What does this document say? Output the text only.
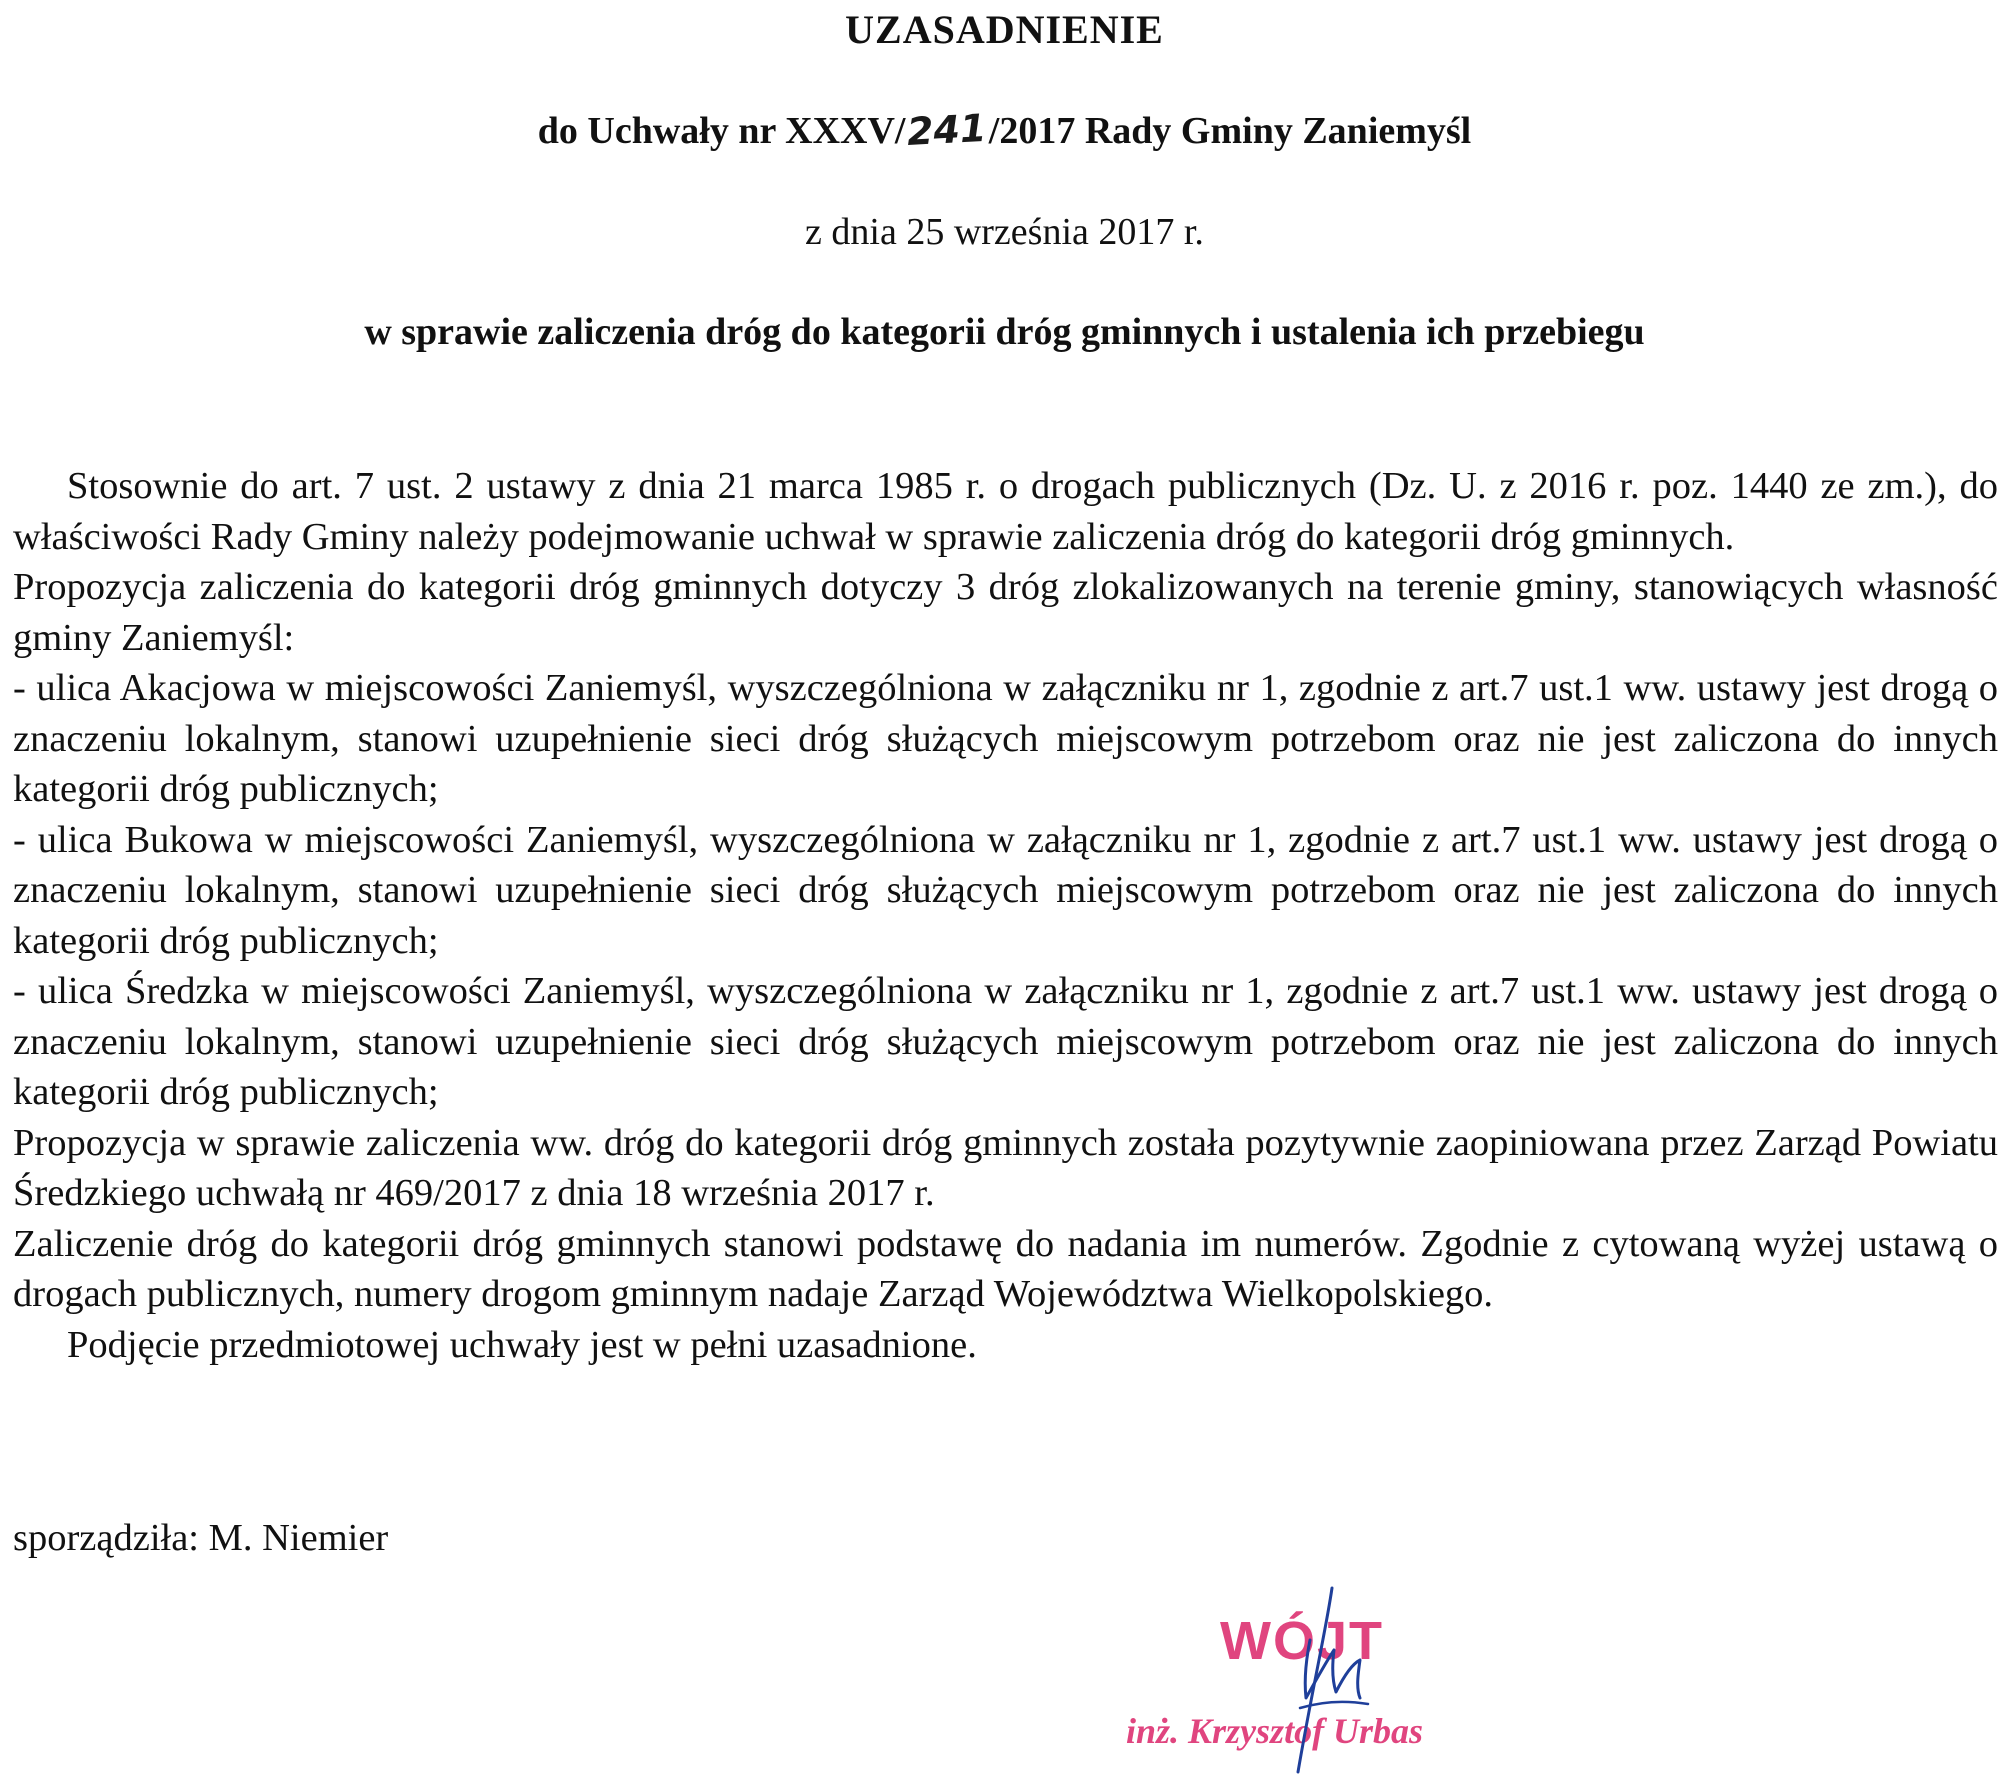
UZASADNIENIE
do Uchwały nr XXXV/241/2017 Rady Gminy Zaniemyśl
z dnia 25 września 2017 r.
w sprawie zaliczenia dróg do kategorii dróg gminnych i ustalenia ich przebiegu

Stosownie do art. 7 ust. 2 ustawy z dnia 21 marca 1985 r. o drogach publicznych (Dz. U. z 2016 r. poz. 1440 ze zm.), do właściwości Rady Gminy należy podejmowanie uchwał w sprawie zaliczenia dróg do kategorii dróg gminnych.

Propozycja zaliczenia do kategorii dróg gminnych dotyczy 3 dróg zlokalizowanych na terenie gminy, stanowiących własność gminy Zaniemyśl:

- ulica Akacjowa w miejscowości Zaniemyśl, wyszczególniona w załączniku nr 1, zgodnie z art.7 ust.1 ww. ustawy jest drogą o znaczeniu lokalnym, stanowi uzupełnienie sieci dróg służących miejscowym potrzebom oraz nie jest zaliczona do innych kategorii dróg publicznych;

- ulica Bukowa w miejscowości Zaniemyśl, wyszczególniona w załączniku nr 1, zgodnie z art.7 ust.1 ww. ustawy jest drogą o znaczeniu lokalnym, stanowi uzupełnienie sieci dróg służących miejscowym potrzebom oraz nie jest zaliczona do innych kategorii dróg publicznych;

- ulica Średzka w miejscowości Zaniemyśl, wyszczególniona w załączniku nr 1, zgodnie z art.7 ust.1 ww. ustawy jest drogą o znaczeniu lokalnym, stanowi uzupełnienie sieci dróg służących miejscowym potrzebom oraz nie jest zaliczona do innych kategorii dróg publicznych;

Propozycja w sprawie zaliczenia ww. dróg do kategorii dróg gminnych została pozytywnie zaopiniowana przez Zarząd Powiatu Średzkiego uchwałą nr 469/2017 z dnia 18 września 2017 r.

Zaliczenie dróg do kategorii dróg gminnych stanowi podstawę do nadania im numerów. Zgodnie z cytowaną wyżej ustawą o drogach publicznych, numery drogom gminnym nadaje Zarząd Województwa Wielkopolskiego.

Podjęcie przedmiotowej uchwały jest w pełni uzasadnione.

sporządziła: M. Niemier
WÓJT
inż. Krzysztof Urbas
